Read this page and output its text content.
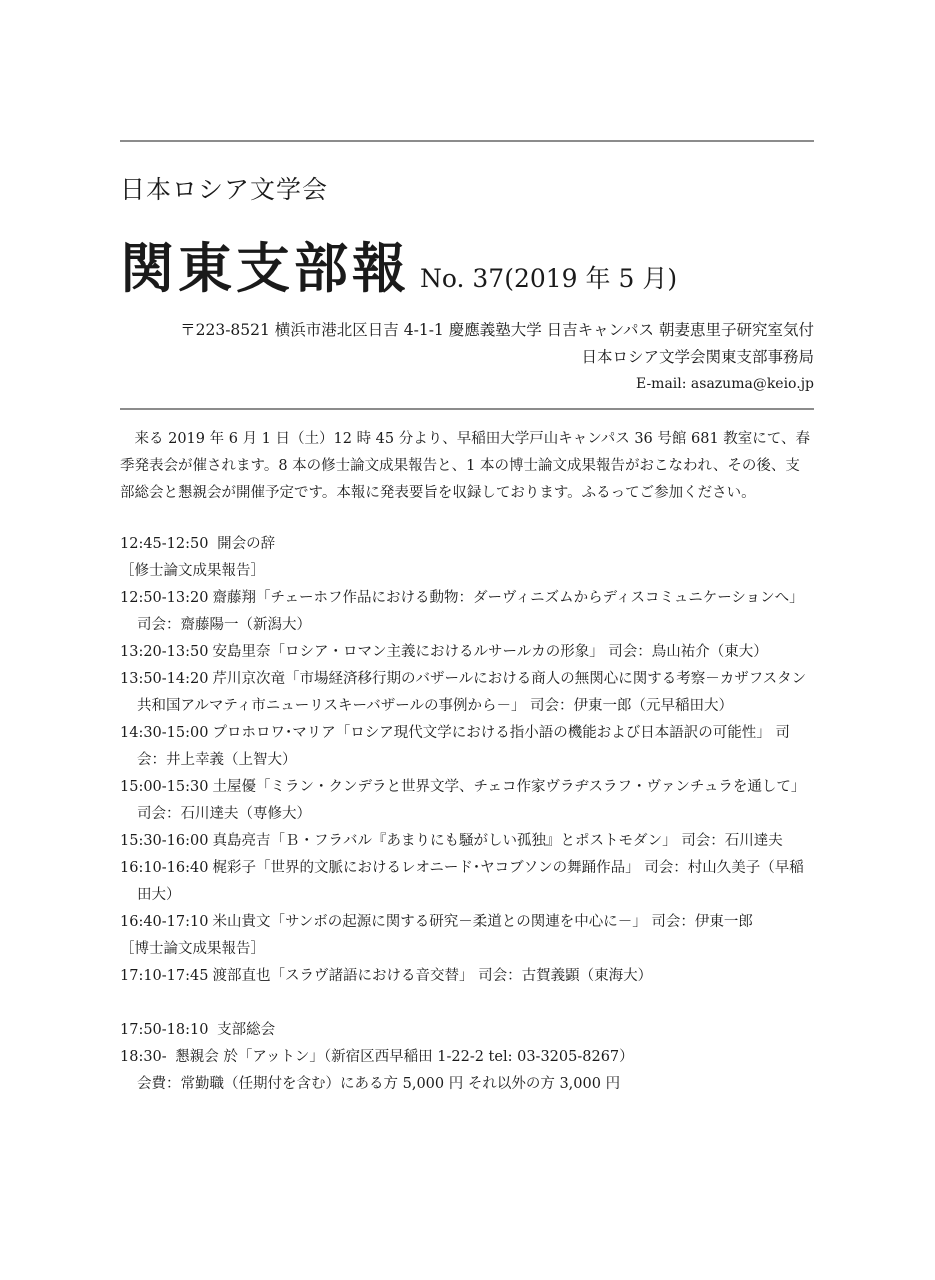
日本ロシア文学会
関東支部報 No. 37(2019 年 5 月)
〒223-8521 横浜市港北区日吉 4-1-1 慶應義塾大学 日吉キャンパス 朝妻恵里子研究室気付
日本ロシア文学会関東支部事務局
E-mail: asazuma@keio.jp
来る 2019 年 6 月 1 日（土）12 時 45 分より、早稲田大学戸山キャンパス 36 号館 681 教室にて、春季発表会が催されます。8 本の修士論文成果報告と、1 本の博士論文成果報告がおこなわれ、その後、支部総会と懇親会が開催予定です。本報に発表要旨を収録しております。ふるってご参加ください。
12:45-12:50 開会の辞
［修士論文成果報告］
12:50-13:20 齋藤翔「チェーホフ作品における動物：ダーヴィニズムからディスコミュニケーションへ」 司会：齋藤陽一（新潟大）
13:20-13:50 安島里奈「ロシア・ロマン主義におけるルサールカの形象」 司会：鳥山祐介（東大）
13:50-14:20 芹川京次竜「市場経済移行期のバザールにおける商人の無関心に関する考察－カザフスタン共和国アルマティ市ニューリスキーバザールの事例から－」 司会：伊東一郎（元早稲田大）
14:30-15:00 プロホロワ･マリア「ロシア現代文学における指小語の機能および日本語訳の可能性」 司会：井上幸義（上智大）
15:00-15:30 土屋優「ミラン・クンデラと世界文学、チェコ作家ヴラヂスラフ・ヴァンチュラを通して」 司会：石川達夫（専修大）
15:30-16:00 真島亮吉「Ｂ・フラバル『あまりにも騒がしい孤独』とポストモダン」 司会：石川達夫
16:10-16:40 梶彩子「世界的文脈におけるレオニード･ヤコブソンの舞踊作品」 司会：村山久美子（早稲田大）
16:40-17:10 米山貴文「サンボの起源に関する研究－柔道との関連を中心に－」 司会：伊東一郎
［博士論文成果報告］
17:10-17:45 渡部直也「スラヴ諸語における音交替」 司会：古賀義顕（東海大）
17:50-18:10 支部総会
18:30- 懇親会 於「アットン」（新宿区西早稲田 1-22-2 tel: 03-3205-8267）
会費：常勤職（任期付を含む）にある方 5,000 円 それ以外の方 3,000 円
